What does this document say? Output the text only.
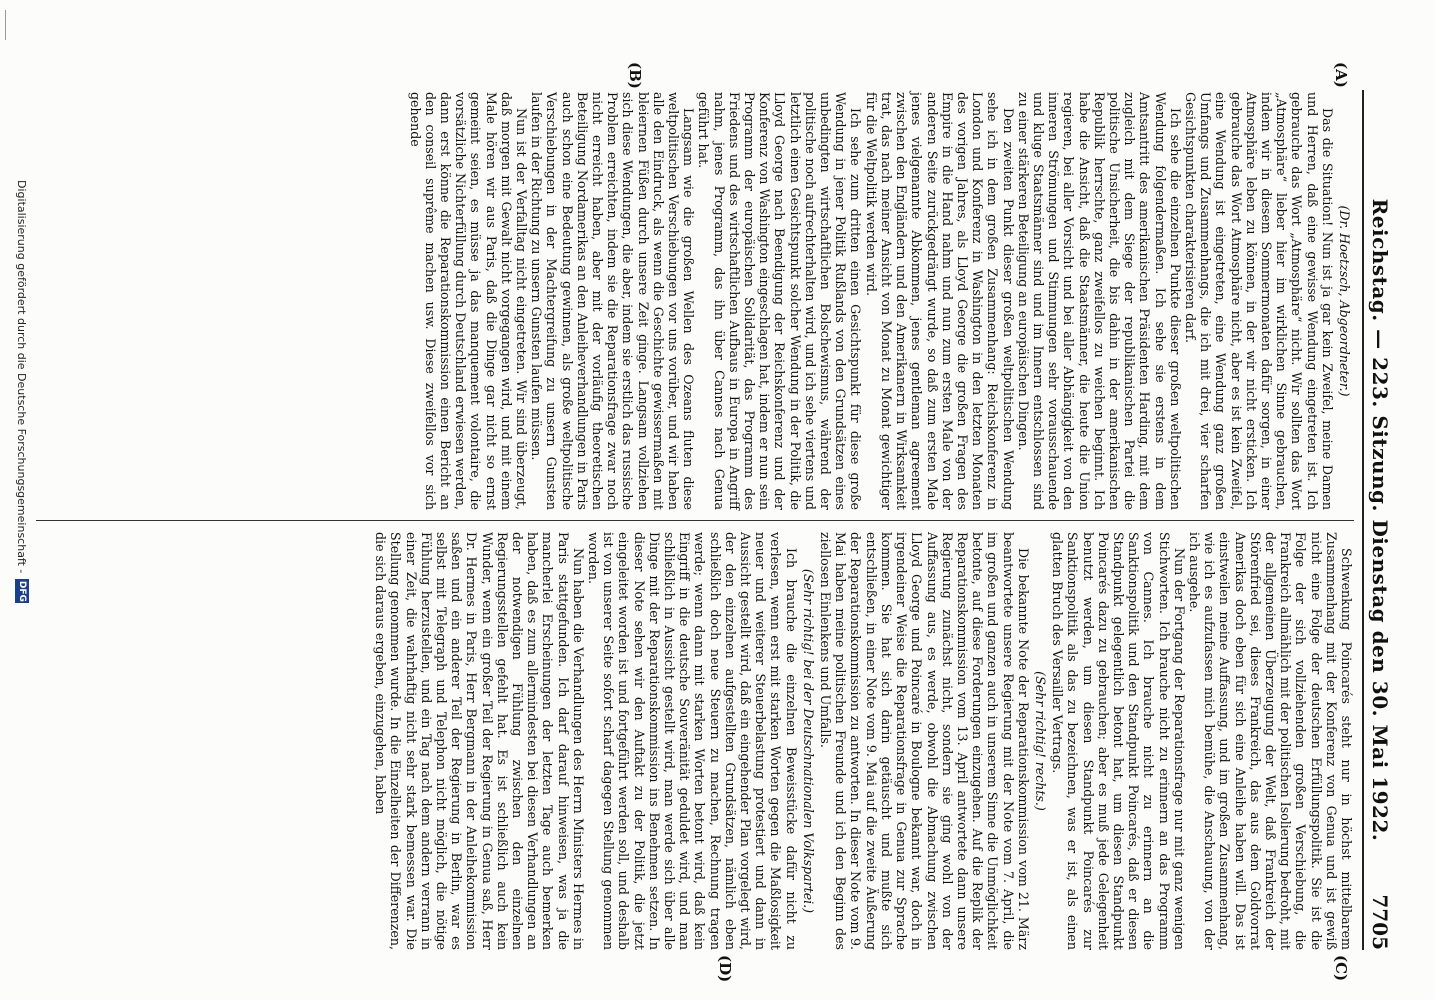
Reichstag. — 223. Sitzung. Dienstag den 30. Mai 1922.
7705
(A)
(B)
(C)
(D)

(Dr. Hoetzsch, Abgeordneter.)

Das die Situation! Nun ist ja gar kein Zweifel, meine Damen und Herren, daß eine gewisse Wendung eingetreten ist. Ich gebrauche das Wort „Atmosphäre“ nicht. Wir sollten das Wort „Atmosphäre“ lieber hier im wirklichen Sinne gebrauchen, indem wir in diesem Sommermonaten dafür sorgen, in einer Atmosphäre leben zu können, in der wir nicht ersticken. Ich gebrauche das Wort Atmosphäre nicht, aber es ist kein Zweifel, eine Wendung ist eingetreten, eine Wendung ganz großen Umfangs und Zusammenhangs, die ich mit drei, vier scharfen Gesichtspunkten charakterisieren darf.

Ich sehe die einzelnen Punkte dieser großen weltpolitischen Wendung folgendermaßen. Ich sehe sie erstens in dem Amtsantritt des amerikanischen Präsidenten Harding, mit dem zugleich mit dem Siege der republikanischen Partei die politische Unsicherheit, die bis dahin in der amerikanischen Republik herrschte, ganz zweifellos zu weichen beginnt. Ich habe die Ansicht, daß die Staatsmänner, die heute die Union regieren, bei aller Vorsicht und bei aller Abhängigkeit von den inneren Strömungen und Stimmungen sehr vorausschauende und kluge Staatsmänner sind und im Innern entschlossen sind zu einer stärkeren Beteiligung an europäischen Dingen.

Den zweiten Punkt dieser großen weltpolitischen Wendung sehe ich in dem großen Zusammenhang: Reichskonferenz in London und Konferenz in Washington in den letzten Monaten des vorigen Jahres, als Lloyd George die großen Fragen des Empire in die Hand nahm und nun zum ersten Male von der anderen Seite zurückgedrängt wurde, so daß zum ersten Male jenes vielgenannte Abkommen, jenes gentleman agreement zwischen den Engländern und den Amerikanern in Wirksamkeit trat, das nach meiner Ansicht von Monat zu Monat gewichtiger für die Weltpolitik werden wird.

Ich sehe zum dritten einen Gesichtspunkt für diese große Wendung in jener Politik Rußlands von den Grundsätzen eines unbedingten wirtschaftlichen Bolschewismus, während der politische noch aufrechterhalten wird, und ich sehe viertens und letztlich einen Gesichtspunkt solcher Wendung in der Politik, die Lloyd George nach Beendigung der Reichskonferenz und der Konferenz von Washington eingeschlagen hat, indem er nun sein Programm der europäischen Solidarität, das Programm des Friedens und des wirtschaftlichen Aufbaus in Europa in Angriff nahm, jenes Programm, das ihn über Cannes nach Genua geführt hat.

Langsam wie die großen Wellen des Ozeans fluten diese weltpolitischen Verschiebungen vor uns vorüber, und wir haben alle den Eindruck, als wenn die Geschichte gewissermaßen mit bleiernen Füßen durch unsere Zeit ginge. Langsam vollziehen sich diese Wendungen, die aber, indem sie erstlich das russische Problem erreichten, indem sie die Reparationsfrage zwar noch nicht erreicht haben, aber mit der vorläufig theoretischen Beteiligung Nordamerikas an den Anleiheverhandlungen in Paris auch schon eine Bedeutung gewinnen, als große weltpolitische Verschiebungen in der Machtergreifung zu unsern Gunsten laufen in der Richtung zu unsern Gunsten laufen müssen.

Nun ist der Verfalltag nicht eingetreten. Wir sind überzeugt, daß morgen mit Gewalt nicht vorgegangen wird, und mit einem Male hören wir aus Paris, daß die Dinge gar nicht so ernst gemeint seien, es müsse ja das manquement volontaire, die vorsätzliche Nichterfüllung durch Deutschland erwiesen werden, dann erst könne die Reparationskommission einen Bericht an den conseil suprême machen usw. Diese zweifellos vor sich gehende

Schwenkung Poincarés steht nur in höchst mittelbarem Zusammenhang mit der Konferenz von Genua und ist gewiß nicht eine Folge der deutschen Erfüllungspolitik. Sie ist die Folge der sich vollziehenden großen Verschiebung, die Frankreich allmählich mit der politischen Isolierung bedroht, mit der allgemeinen Überzeugung der Welt, daß Frankreich der Störenfried sei, dieses Frankreich, das aus dem Goldvorrat Amerikas doch eben für sich eine Anleihe haben will. Das ist einstweilen meine Auffassung, und im großen Zusammenhang, wie ich es aufzufassen mich bemühe, die Anschauung, von der ich ausgehe.

Nun der Fortgang der Reparationsfrage nur mit ganz wenigen Stichworten. Ich brauche nicht zu erinnern an das Programm von Cannes. Ich brauche nicht zu erinnern an die Sanktionspolitik und den Standpunkt Poincarés, daß er diesen Standpunkt gelegentlich betont hat, um diesen Standpunkt Poincarés dazu zu gebrauchen; aber es muß jede Gelegenheit benutzt werden, um diesen Standpunkt Poincarés zur Sanktionspolitik als das zu bezeichnen, was er ist, als einen glatten Bruch des Versailler Vertrags.

(Sehr richtig! rechts.)

Die bekannte Note der Reparationskommission vom 21. März beantwortete unsere Regierung mit der Note vom 7. April, die im großen und ganzen auch in unserem Sinne die Unmöglichkeit betonte, auf diese Forderungen einzugehen. Auf die Replik der Reparationskommission vom 13. April antwortete dann unsere Regierung zunächst nicht, sondern sie ging wohl von der Auffassung aus, es werde, obwohl die Abmachung zwischen Lloyd George und Poincaré in Boulogne bekannt war, doch in irgendeiner Weise die Reparationsfrage in Genua zur Sprache kommen. Sie hat sich darin getäuscht und mußte sich entschließen, in einer Note vom 9. Mai auf die zweite Äußerung der Reparationskommission zu antworten. In dieser Note vom 9. Mai haben meine politischen Freunde und ich den Beginn des ziellosen Einlenkens und Umfalls.

(Sehr richtig! bei der Deutschnationalen Volkspartei.)

Ich brauche die einzelnen Beweisstücke dafür nicht zu verlesen, wenn erst mit starken Worten gegen die Maßlosigkeit neuer und weiterer Steuerbelastung protestiert und dann in Aussicht gestellt wird, daß ein eingehender Plan vorgelegt wird, der den einzelnen aufgestellten Grundsätzen, nämlich eben schließlich doch neue Steuern zu machen, Rechnung tragen werde; wenn dann mit starken Worten betont wird, daß kein Eingriff in die deutsche Souveränität geduldet wird, und man schließlich in Aussicht gestellt wird, man werde sich über alle Dinge mit der Reparationskommission ins Benehmen setzen. In dieser Note sehen wir den Auftakt zu der Politik, die jetzt eingeleitet worden ist und fortgeführt werden soll, und deshalb ist von unserer Seite sofort scharf dagegen Stellung genommen worden.

Nun haben die Verhandlungen des Herrn Ministers Hermes in Paris stattgefunden. Ich darf darauf hinweisen, was ja die mancherlei Erscheinungen der letzten Tage auch bemerken haben, daß es zum allermindesten bei diesen Verhandlungen an der notwendigen Fühlung zwischen den einzelnen Regierungsstellen gefehlt hat. Es ist schließlich auch kein Wunder, wenn ein großer Teil der Regierung in Genua saß, Herr Dr. Hermes in Paris, Herr Bergmann in der Anleihekommission saßen und ein anderer Teil der Regierung in Berlin, war es selbst mit Telegraph und Telephon nicht möglich, die nötige Fühlung herzustellen, und ein Tag nach dem andern verrann in einer Zeit, die wahrhaftig nicht sehr stark bemessen war. Die Stellung genommen wurde. In die Einzelheiten der Differenzen, die sich daraus ergeben, einzugehen, haben

Digitalisierung gefördert durch die Deutsche Forschungsgemeinschaft -
DFG
